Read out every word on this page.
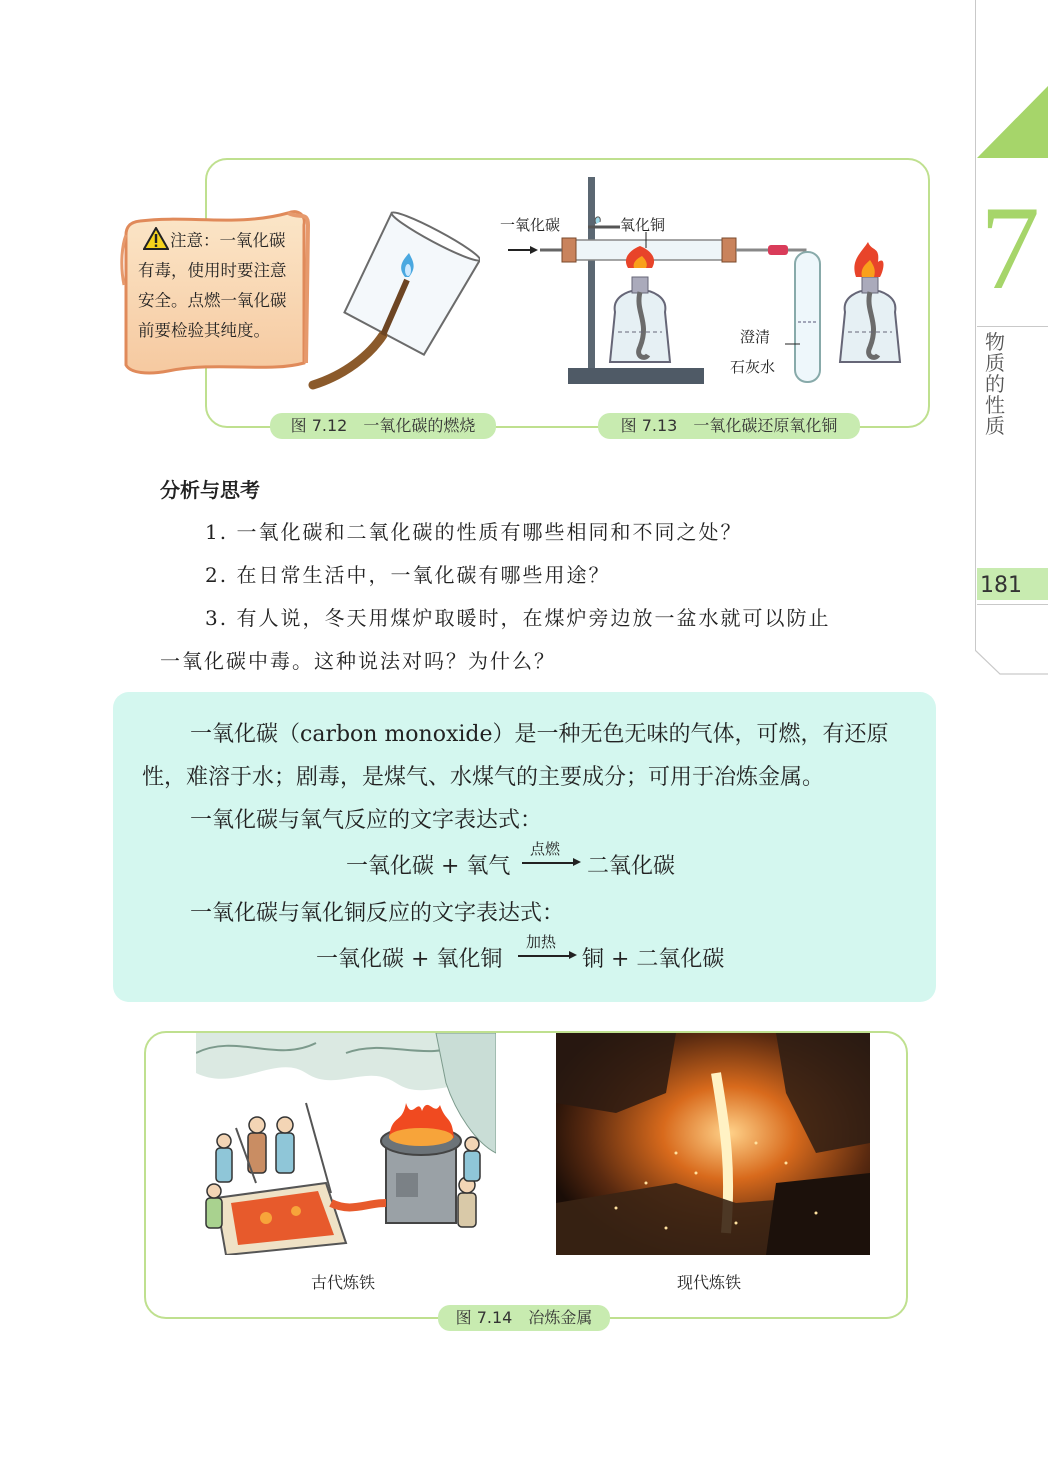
7
物
质
的
性
质
181
注意：一氧化碳
有毒，使用时要注意
安全。点燃一氧化碳
前要检验其纯度。
一氧化碳	氧化铜
澄清
石灰水
图 7.12　一氧化碳的燃烧	图 7.13　一氧化碳还原氧化铜
分析与思考
1. 一氧化碳和二氧化碳的性质有哪些相同和不同之处？
2. 在日常生活中，一氧化碳有哪些用途？
3. 有人说，冬天用煤炉取暖时，在煤炉旁边放一盆水就可以防止
一氧化碳中毒。这种说法对吗？为什么？
一氧化碳（carbon monoxide）是一种无色无味的气体，可燃，有还原
性，难溶于水；剧毒，是煤气、水煤气的主要成分；可用于冶炼金属。
一氧化碳与氧气反应的文字表达式：
一氧化碳 + 氧气
点燃
二氧化碳
一氧化碳与氧化铜反应的文字表达式：
一氧化碳 + 氧化铜
加热
铜 + 二氧化碳
古代炼铁	现代炼铁
图 7.14　冶炼金属
